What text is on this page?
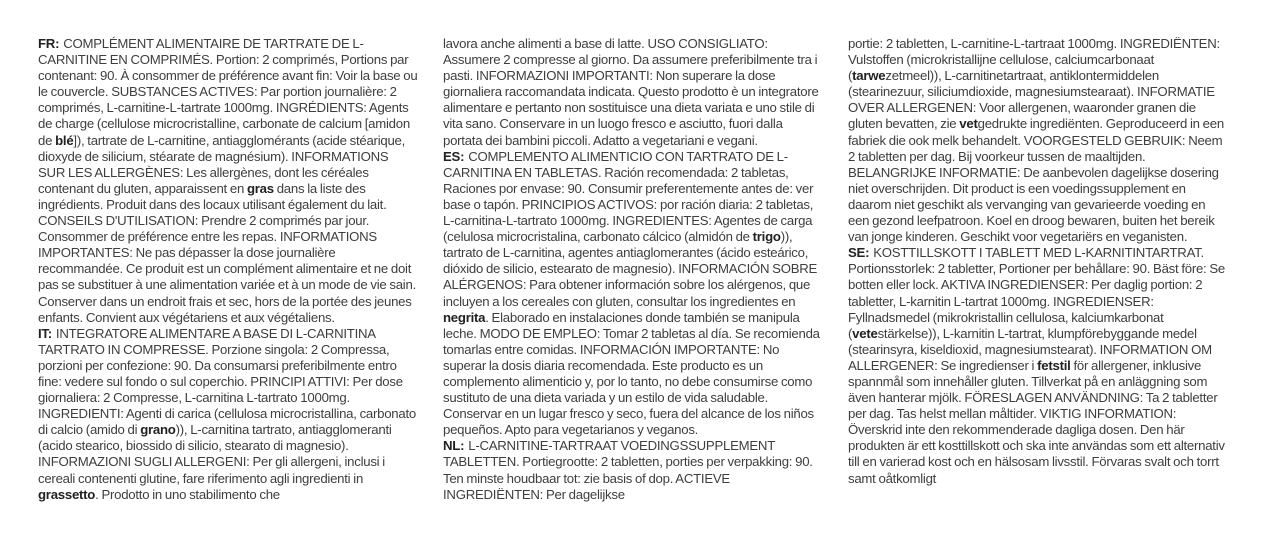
FR: COMPLÉMENT ALIMENTAIRE DE TARTRATE DE L-CARNITINE EN COMPRIMÉS. Portion: 2 comprimés, Portions par contenant: 90. À consommer de préférence avant fin: Voir la base ou le couvercle. SUBSTANCES ACTIVES: Par portion journalière: 2 comprimés, L-carnitine-L-tartrate 1000mg. INGRÉDIENTS: Agents de charge (cellulose microcristalline, carbonate de calcium [amidon de blé]), tartrate de L-carnitine, antiagglomérants (acide stéarique, dioxyde de silicium, stéarate de magnésium). INFORMATIONS SUR LES ALLERGÈNES: Les allergènes, dont les céréales contenant du gluten, apparaissent en gras dans la liste des ingrédients. Produit dans des locaux utilisant également du lait. CONSEILS D'UTILISATION: Prendre 2 comprimés par jour. Consommer de préférence entre les repas. INFORMATIONS IMPORTANTES: Ne pas dépasser la dose journalière recommandée. Ce produit est un complément alimentaire et ne doit pas se substituer à une alimentation variée et à un mode de vie sain. Conserver dans un endroit frais et sec, hors de la portée des jeunes enfants. Convient aux végétariens et aux végétaliens.

IT: INTEGRATORE ALIMENTARE A BASE DI L-CARNITINA TARTRATO IN COMPRESSE. Porzione singola: 2 Compressa, porzioni per confezione: 90. Da consumarsi preferibilmente entro fine: vedere sul fondo o sul coperchio. PRINCIPI ATTIVI: Per dose giornaliera: 2 Compresse, L-carnitina L-tartrato 1000mg. INGREDIENTI: Agenti di carica (cellulosa microcristallina, carbonato di calcio (amido di grano)), L-carnitina tartrato, antiagglomeranti (acido stearico, biossido di silicio, stearato di magnesio). INFORMAZIONI SUGLI ALLERGENI: Per gli allergeni, inclusi i cereali contenenti glutine, fare riferimento agli ingredienti in grassetto. Prodotto in uno stabilimento che

lavora anche alimenti a base di latte. USO CONSIGLIATO: Assumere 2 compresse al giorno. Da assumere preferibilmente tra i pasti. INFORMAZIONI IMPORTANTI: Non superare la dose giornaliera raccomandata indicata. Questo prodotto è un integratore alimentare e pertanto non sostituisce una dieta variata e uno stile di vita sano. Conservare in un luogo fresco e asciutto, fuori dalla portata dei bambini piccoli. Adatto a vegetariani e vegani.

ES: COMPLEMENTO ALIMENTICIO CON TARTRATO DE L-CARNITINA EN TABLETAS. Ración recomendada: 2 tabletas, Raciones por envase: 90. Consumir preferentemente antes de: ver base o tapón. PRINCIPIOS ACTIVOS: por ración diaria: 2 tabletas, L-carnitina-L-tartrato 1000mg. INGREDIENTES: Agentes de carga (celulosa microcristalina, carbonato cálcico (almidón de trigo)), tartrato de L-carnitina, agentes antiaglomerantes (ácido esteárico, dióxido de silicio, estearato de magnesio). INFORMACIÓN SOBRE ALÉRGENOS: Para obtener información sobre los alérgenos, que incluyen a los cereales con gluten, consultar los ingredientes en negrita. Elaborado en instalaciones donde también se manipula leche. MODO DE EMPLEO: Tomar 2 tabletas al día. Se recomienda tomarlas entre comidas. INFORMACIÓN IMPORTANTE: No superar la dosis diaria recomendada. Este producto es un complemento alimenticio y, por lo tanto, no debe consumirse como sustituto de una dieta variada y un estilo de vida saludable. Conservar en un lugar fresco y seco, fuera del alcance de los niños pequeños. Apto para vegetarianos y veganos.

NL: L-CARNITINE-TARTRAAT VOEDINGSSUPPLEMENT TABLETTEN. Portiegrootte: 2 tabletten, porties per verpakking: 90. Ten minste houdbaar tot: zie basis of dop. ACTIEVE INGREDIËNTEN: Per dagelijkse

portie: 2 tabletten, L-carnitine-L-tartraat 1000mg. INGREDIËNTEN: Vulstoffen (microkristallijne cellulose, calciumcarbonaat (tarwezetmeel)), L-carnitinetartraat, antiklontermiddelen (stearinezuur, siliciumdioxide, magnesiumstearaat). INFORMATIE OVER ALLERGENEN: Voor allergenen, waaronder granen die gluten bevatten, zie vetgedrukte ingrediënten. Geproduceerd in een fabriek die ook melk behandelt. VOORGESTELD GEBRUIK: Neem 2 tabletten per dag. Bij voorkeur tussen de maaltijden. BELANGRIJKE INFORMATIE: De aanbevolen dagelijkse dosering niet overschrijden. Dit product is een voedingssupplement en daarom niet geschikt als vervanging van gevarieerde voeding en een gezond leefpatroon. Koel en droog bewaren, buiten het bereik van jonge kinderen. Geschikt voor vegetariërs en veganisten.

SE: KOSTTILLSKOTT I TABLETT MED L-KARNITINTARTRAT. Portionsstorlek: 2 tabletter, Portioner per behållare: 90. Bäst före: Se botten eller lock. AKTIVA INGREDIENSER: Per daglig portion: 2 tabletter, L-karnitin L-tartrat 1000mg. INGREDIENSER: Fyllnadsmedel (mikrokristallin cellulosa, kalciumkarbonat (vetestärkelse)), L-karnitin L-tartrat, klumpförebyggande medel (stearinsyra, kiseldioxid, magnesiumstearat). INFORMATION OM ALLERGENER: Se ingredienser i fetstil för allergener, inklusive spannmål som innehåller gluten. Tillverkat på en anläggning som även hanterar mjölk. FÖRESLAGEN ANVÄNDNING: Ta 2 tabletter per dag. Tas helst mellan måltider. VIKTIG INFORMATION: Överskrid inte den rekommenderade dagliga dosen. Den här produkten är ett kosttillskott och ska inte användas som ett alternativ till en varierad kost och en hälsosam livsstil. Förvaras svalt och torrt samt oåtkomligt
